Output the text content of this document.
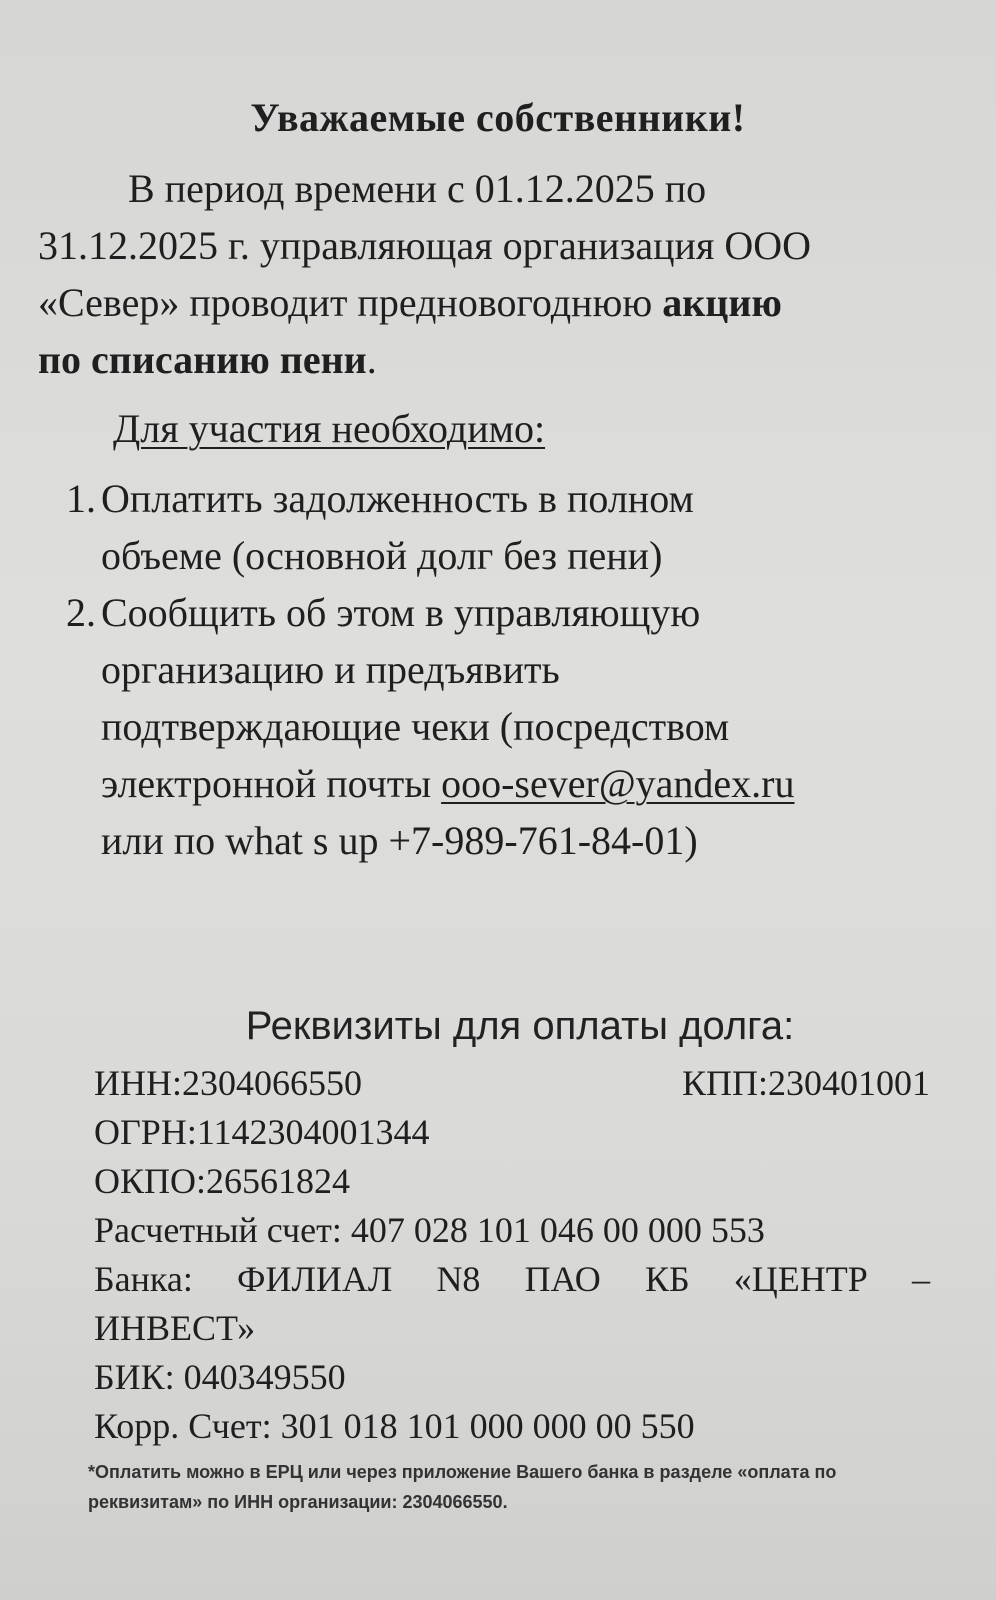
Уважаемые собственники!
В период времени с 01.12.2025 по
31.12.2025 г. управляющая организация ООО
«Север» проводит предновогоднюю акцию
по списанию пени.
Для участия необходимо:
1. Оплатить задолженность в полном
объеме (основной долг без пени)
2. Сообщить об этом в управляющую
организацию и предъявить
подтверждающие чеки (посредством
электронной почты ooo-sever@yandex.ru
или по what s up +7-989-761-84-01)
Реквизиты для оплаты долга:
ИНН:2304066550	КПП:230401001
ОГРН:1142304001344
ОКПО:26561824
Расчетный счет: 407 028 101 046 00 000 553
Банка: ФИЛИАЛ N8 ПАО КБ «ЦЕНТР –
ИНВЕСТ»
БИК: 040349550
Корр. Счет: 301 018 101 000 000 00 550
*Оплатить можно в ЕРЦ или через приложение Вашего банка в разделе «оплата по
реквизитам» по ИНН организации: 2304066550.
